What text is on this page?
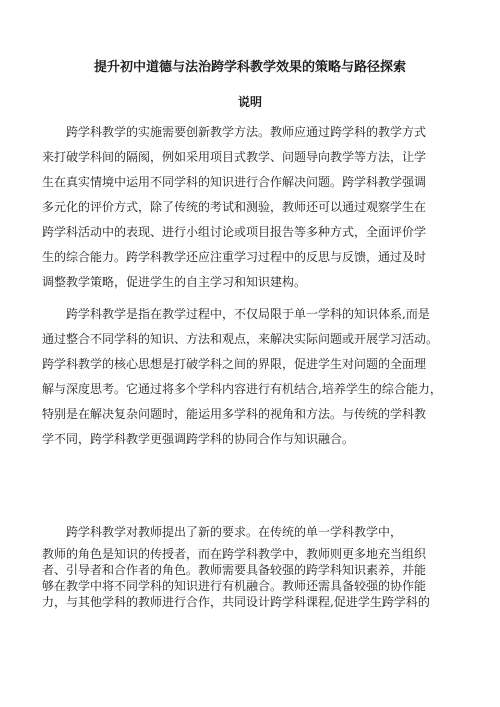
提升初中道德与法治跨学科教学效果的策略与路径探索
说明

　　跨学科教学的实施需要创新教学方法。教师应通过跨学科的教学方式
来打破学科间的隔阂，例如采用项目式教学、问题导向教学等方法，让学
生在真实情境中运用不同学科的知识进行合作解决问题。跨学科教学强调
多元化的评价方式，除了传统的考试和测验，教师还可以通过观察学生在
跨学科活动中的表现、进行小组讨论或项目报告等多种方式，全面评价学
生的综合能力。跨学科教学还应注重学习过程中的反思与反馈，通过及时
调整教学策略，促进学生的自主学习和知识建构。

　　跨学科教学是指在教学过程中，不仅局限于单一学科的知识体系,而是
通过整合不同学科的知识、方法和观点，来解决实际问题或开展学习活动。
跨学科教学的核心思想是打破学科之间的界限，促进学生对问题的全面理
解与深度思考。它通过将多个学科内容进行有机结合,培养学生的综合能力，
特别是在解决复杂问题时，能运用多学科的视角和方法。与传统的学科教
学不同，跨学科教学更强调跨学科的协同合作与知识融合。

　　跨学科教学对教师提出了新的要求。在传统的单一学科教学中，

教师的角色是知识的传授者，而在跨学科教学中，教师则更多地充当组织
者、引导者和合作者的角色。教师需要具备较强的跨学科知识素养，并能
够在教学中将不同学科的知识进行有机融合。教师还需具备较强的协作能
力，与其他学科的教师进行合作，共同设计跨学科课程,促进学生跨学科的
